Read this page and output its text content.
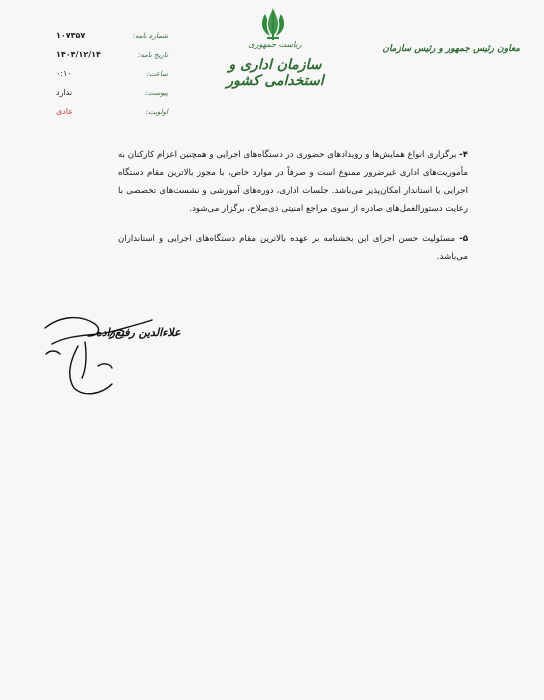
شماره نامه:
۱۰۷۳۵۷
تاریخ نامه:
۱۴۰۴/۱۲/۱۴
ساعت:
۰:۱۰
پیوست:
ندارد
اولویت:
عادی
ریاست جمهوری
سازمان اداری و استخدامی کشور
معاون رئیس جمهور و رئیس سازمان

۴- برگزاری انواع همایش‌ها و رویدادهای حضوری در دستگاه‌های اجرایی و همچنین اعزام کارکنان به مأموریت‌های اداری غیرضرور ممنوع است و صرفاً در موارد خاص، با مجوز بالاترین مقام دستگاه اجرایی یا استاندار امکان‌پذیر می‌باشد. جلسات اداری، دوره‌های آموزشی و نشست‌های تخصصی با رعایت دستورالعمل‌های صادره از سوی مراجع امنیتی ذی‌صلاح، برگزار می‌شود.

۵- مسئولیت حسن اجرای این بخشنامه بر عهده بالاترین مقام دستگاه‌های اجرایی و استانداران می‌باشد.

علاءالدین رفیع‌زاده
